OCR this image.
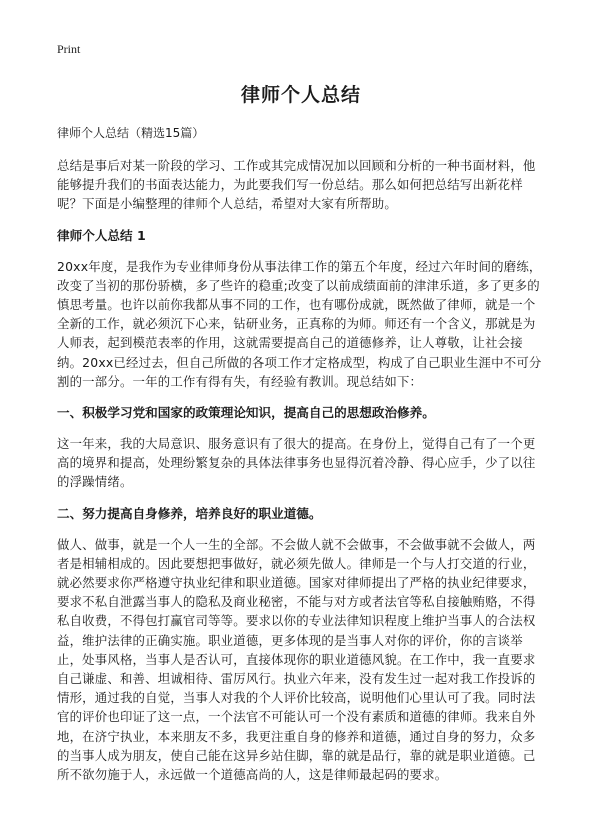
Print
律师个人总结
律师个人总结（精选15篇）
总结是事后对某一阶段的学习、工作或其完成情况加以回顾和分析的一种书面材料，他能够提升我们的书面表达能力，为此要我们写一份总结。那么如何把总结写出新花样呢？下面是小编整理的律师个人总结，希望对大家有所帮助。
律师个人总结 1
20xx年度，是我作为专业律师身份从事法律工作的第五个年度，经过六年时间的磨练，改变了当初的那份骄横，多了些许的稳重;改变了以前成绩面前的津津乐道，多了更多的慎思考量。也许以前你我都从事不同的工作，也有哪份成就，既然做了律师，就是一个全新的工作，就必须沉下心来，钻研业务，正真称的为师。师还有一个含义，那就是为人师表，起到模范表率的作用，这就需要提高自己的道德修养，让人尊敬，让社会接纳。20xx已经过去，但自己所做的各项工作才定格成型，构成了自己职业生涯中不可分割的一部分。一年的工作有得有失，有经验有教训。现总结如下：
一、积极学习党和国家的政策理论知识，提高自己的思想政治修养。
这一年来，我的大局意识、服务意识有了很大的提高。在身份上，觉得自己有了一个更高的境界和提高，处理纷繁复杂的具体法律事务也显得沉着冷静、得心应手，少了以往的浮躁情绪。
二、努力提高自身修养，培养良好的职业道德。
做人、做事，就是一个人一生的全部。不会做人就不会做事，不会做事就不会做人，两者是相辅相成的。因此要想把事做好，就必须先做人。律师是一个与人打交道的行业，就必然要求你严格遵守执业纪律和职业道德。国家对律师提出了严格的执业纪律要求，要求不私自泄露当事人的隐私及商业秘密，不能与对方或者法官等私自接触贿赂，不得私自收费，不得包打赢官司等等。要求以你的专业法律知识程度上维护当事人的合法权益，维护法律的正确实施。职业道德，更多体现的是当事人对你的评价，你的言谈举止，处事风格，当事人是否认可，直接体现你的职业道德风貌。在工作中，我一直要求自己谦虚、和善、坦诚相待、雷厉风行。执业六年来，没有发生过一起对我工作投诉的情形，通过我的自觉，当事人对我的个人评价比较高，说明他们心里认可了我。同时法官的评价也印证了这一点，一个法官不可能认可一个没有素质和道德的律师。我来自外地，在济宁执业，本来朋友不多，我更注重自身的修养和道德，通过自身的努力，众多的当事人成为朋友，使自己能在这异乡站住脚，靠的就是品行，靠的就是职业道德。己所不欲勿施于人，永远做一个道德高尚的人，这是律师最起码的要求。
